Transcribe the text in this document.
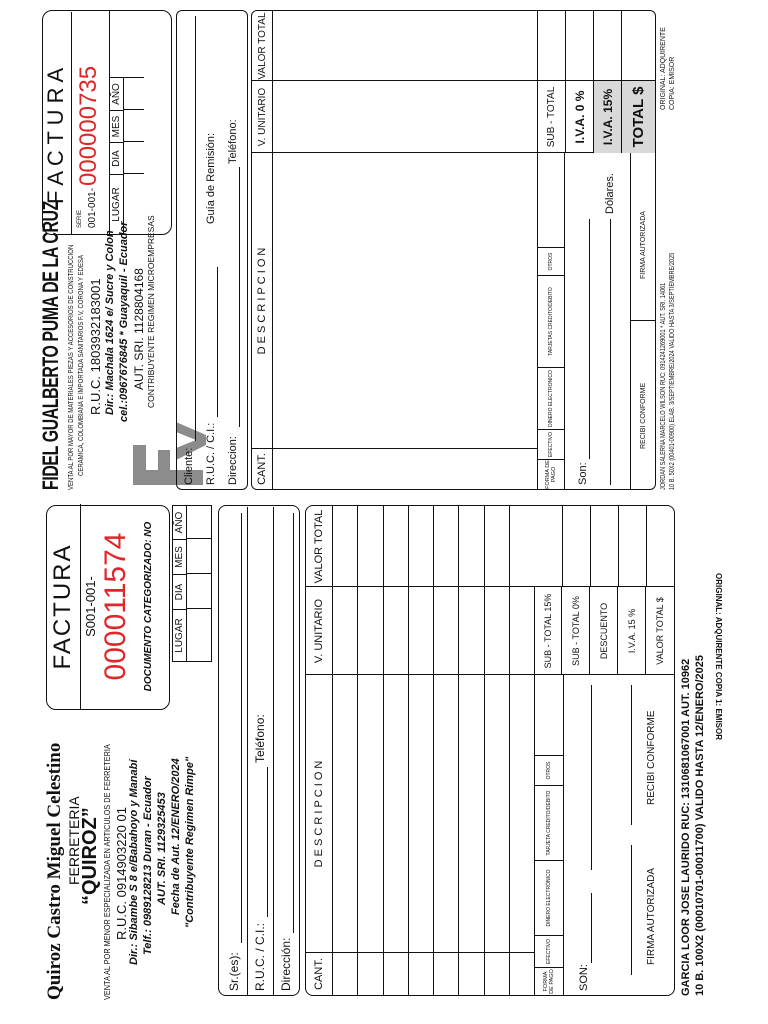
Quiroz Castro Miguel Celestino FERRETERIA
“QUIROZ” VENTA AL POR MENOR ESPECIALIZADA EN ARTICULOS DE FERRETERIA R.U.C. 0914903220 01 Dir.: Sibambe S 8 e/Babahoyo y Manabí Telf.: 0989128213 Duran - Ecuador AUT. SRI. 1129325453 Fecha de Aut. 12/ENERO/2024 "Contribuyente Regimen Rimpe"
FACTURA S001-001- 000011574 DOCUMENTO CATEGORIZADO: NO LUGAR
DIA
MES
AÑO
Sr.(es): R.U.C. / C.I.:
Teléfono:
Dirección:	CANT.
D E S C R I P C I O N
V. UNITARIO
VALOR TOTAL
FORMA DE PAGO
EFECTIVO
DINERO ELECTRÓNICO
TARJETA CREDITO/DEBITO
OTROS
SON:
FIRMA AUTORIZADA
RECIBI CONFORME
SUB - TOTAL 15%	SUB - TOTAL 0%	DESCUENTO	I.V.A. 15 %	VALOR TOTAL $
GARCIA LOOR JOSE LAURIDO RUC: 1310681067001 AUT. 10962 10 B. 100X2 (00010701-00011700) VALIDO HASTA 12/ENERO/2025 ORIGINAL: ADQUIRENTE COPIA 1: EMISOR
FIDEL GUALBERTO PUMA DE LA CRUZ VENTA AL POR MAYOR DE MATERIALES PIEZAS Y ACCESORIOS DE CONSTRUCCION CERAMICA, COLOMBIANA E IMPORTADA SANITARIOS F.V, CORONA Y EDESA R.U.C. 1803932183001 Dir.: Machala 1624 e/ Sucre y Colon cel.:0967676845 * Guayaquil - Ecuador AUT. SRI. 1128804168 CONTRIBUYENTE REGIMEN MICROEMPRESAS
F A C T U R A
SERIE 001-001-
000000735
LUGAR
DIA
MES
AÑO
Cliente: R.U.C. / C.I.:
Guía de Remisión:
Direccion:
Teléfono:
CANT.
D E S C R I P C I O N
V. UNITARIO
VALOR TOTAL
FORMA DE PAGO
EFECTIVO
DINERO ELECTRONICO
TARJETAS CREDITO/DEBITO
OTROS
Son:
Dólares.
RECIBI CONFORME
FIRMA AUTORIZADA
SUB - TOTAL	I.V.A. 0 %	I.V.A. 15%	TOTAL $
JORDAN SALERNA MARCELO WILSON RUC: 0914241269001 * AUT. SRI. 14061 10 B. 50X2 (00401-00900) ELAB. 3/SEPTIEMBRE/2024 VALIDO HASTA 3/SEPTIEMBRE/2025
ORIGINAL: ADQUIRENTE COPIA: EMISOR
